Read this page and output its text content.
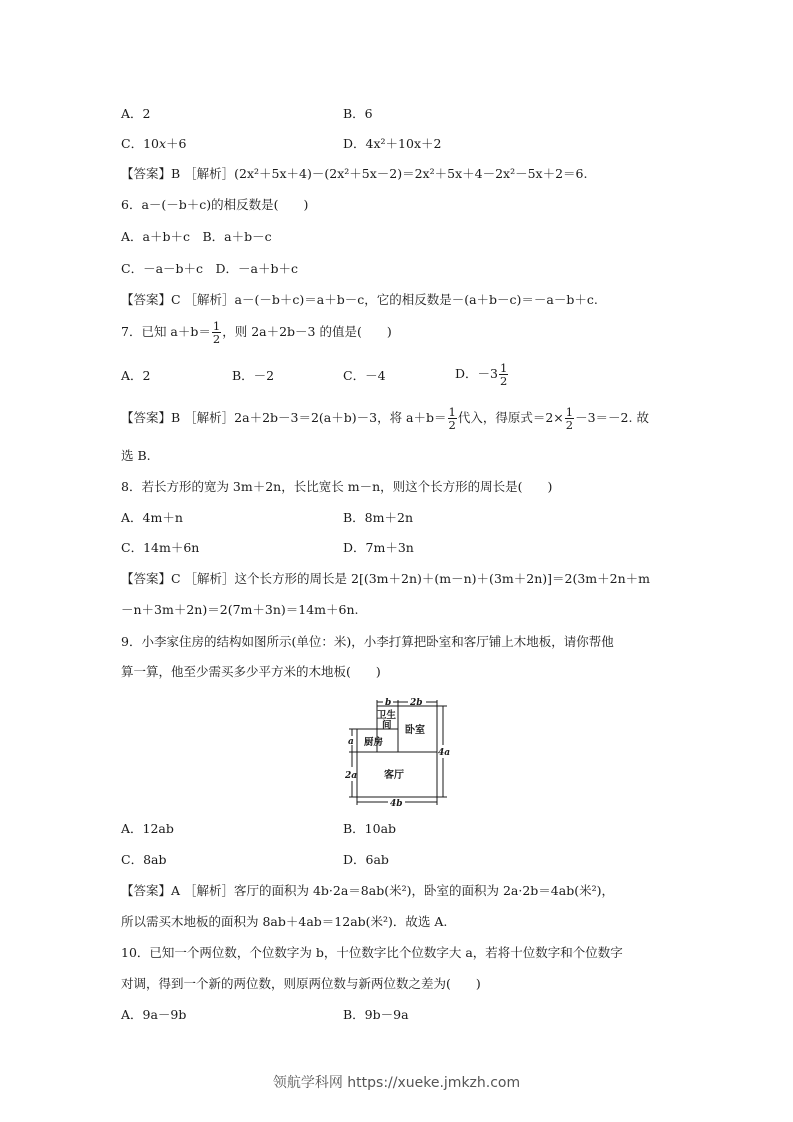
A．2	B．6
C．10x＋6	D．4x²＋10x＋2
【答案】B ［解析］(2x²＋5x＋4)－(2x²＋5x－2)＝2x²＋5x＋4－2x²－5x＋2＝6.
6．a－(－b＋c)的相反数是(　　)
A．a＋b＋c　B．a＋b－c
C．－a－b＋c　D．－a＋b＋c
【答案】C ［解析］a－(－b＋c)＝a＋b－c，它的相反数是－(a＋b－c)＝－a－b＋c.
7．已知 $a+b= \frac{1}{2}$ ，则 2a＋2b－3 的值是(　　)
A．2	B．－2	C．－4	D．$-3 \frac{1}{2}$
【答案】B ［解析］2a＋2b－3＝2(a＋b)－3，将 $a+b= \frac{1}{2}$ 代入，得原式$=2\times \frac{1}{2} -3=-2$. 故
选 B.
8．若长方形的宽为 3m＋2n，长比宽长 m－n，则这个长方形的周长是(　　)
A．4m＋n	B．8m＋2n
C．14m＋6n	D．7m＋3n
【答案】C ［解析］这个长方形的周长是 2[(3m＋2n)＋(m－n)＋(3m＋2n)]＝2(3m＋2n＋m
－n＋3m＋2n)＝2(7m＋3n)＝14m＋6n.
9．小李家住房的结构如图所示(单位：米)，小李打算把卧室和客厅铺上木地板，请你帮他
算一算，他至少需买多少平方米的木地板(　　)
卫生
间
厨房
卧室
客厅
b 2b
a
2a
4a
4b
A．12ab	B．10ab
C．8ab	D．6ab
【答案】A ［解析］客厅的面积为 4b·2a＝8ab(米²)，卧室的面积为 2a·2b＝4ab(米²)，
所以需买木地板的面积为 8ab＋4ab＝12ab(米²)．故选 A.
10．已知一个两位数，个位数字为 b，十位数字比个位数字大 a，若将十位数字和个位数字
对调，得到一个新的两位数，则原两位数与新两位数之差为(　　)
A．9a－9b	B．9b－9a
领航学科网 https://xueke.jmkzh.com
